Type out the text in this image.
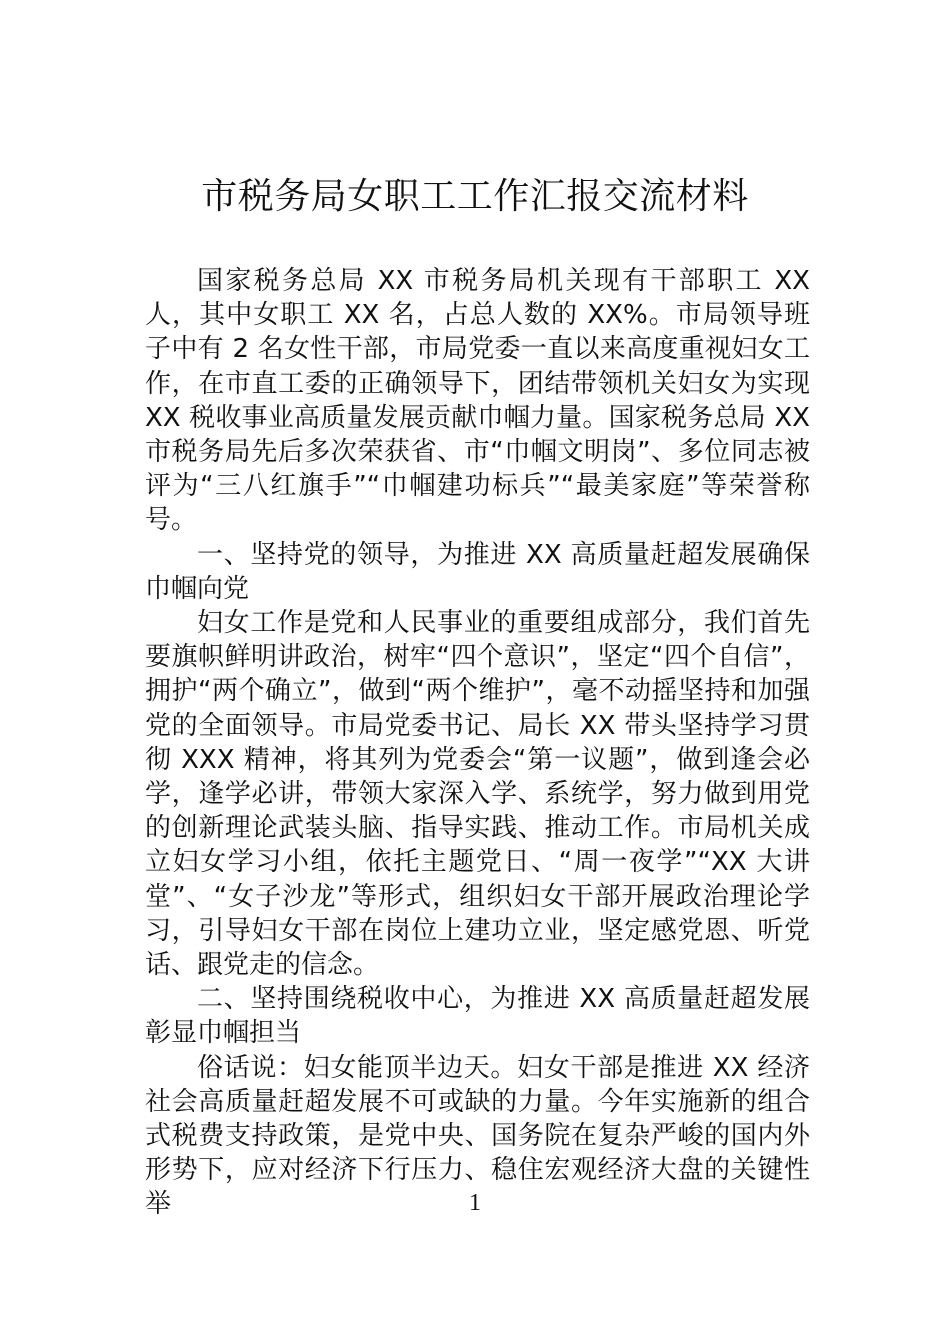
市税务局女职工工作汇报交流材料

国家税务总局 XX 市税务局机关现有干部职工 XX 人，其中女职工 XX 名，占总人数的 XX%。市局领导班子中有 2 名女性干部，市局党委一直以来高度重视妇女工作，在市直工委的正确领导下，团结带领机关妇女为实现 XX 税收事业高质量发展贡献巾帼力量。国家税务总局 XX 市税务局先后多次荣获省、市“巾帼文明岗”、多位同志被评为“三八红旗手”“巾帼建功标兵”“最美家庭”等荣誉称号。

一、坚持党的领导，为推进 XX 高质量赶超发展确保巾帼向党

妇女工作是党和人民事业的重要组成部分，我们首先要旗帜鲜明讲政治，树牢“四个意识”，坚定“四个自信”，拥护“两个确立”，做到“两个维护”，毫不动摇坚持和加强党的全面领导。市局党委书记、局长 XX 带头坚持学习贯彻 XXX 精神，将其列为党委会“第一议题”，做到逢会必学，逢学必讲，带领大家深入学、系统学，努力做到用党的创新理论武装头脑、指导实践、推动工作。市局机关成立妇女学习小组，依托主题党日、“周一夜学”“XX 大讲堂”、“女子沙龙”等形式，组织妇女干部开展政治理论学习，引导妇女干部在岗位上建功立业，坚定感党恩、听党话、跟党走的信念。

二、坚持围绕税收中心，为推进 XX 高质量赶超发展彰显巾帼担当

俗话说：妇女能顶半边天。妇女干部是推进 XX 经济社会高质量赶超发展不可或缺的力量。今年实施新的组合式税费支持政策，是党中央、国务院在复杂严峻的国内外形势下，应对经济下行压力、稳住宏观经济大盘的关键性举	1
